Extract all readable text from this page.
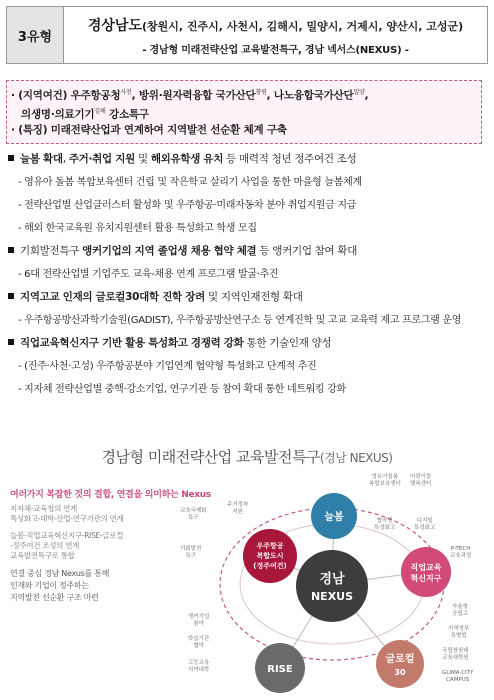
3유형
경상남도(창원시, 진주시, 사천시, 김해시, 밀양시, 거제시, 양산시, 고성군)
- 경남형 미래전략산업 교육발전특구, 경남 넥서스(NEXUS) -
· (지역여건) 우주항공청$^{사천}$, 방위·원자력융합 국가산단$^{창원}$, 나노융합국가산단$^{밀양}$,
의생명·의료기기$^{김해}$ 강소특구
· (특징) 미래전략산업과 연계하여 지역발전 선순환 체계 구축
늘봄 확대, 주거·취업 지원 및 해외유학생 유치 등 매력적 청년 정주여건 조성
- 영유아 돌봄 복합보육센터 건립 및 작은학교 살리기 사업을 통한 마을형 늘봄체계
- 전략산업별 산업클러스터 활성화 및 우주항공·미래자동차 분야 취업지원금 지급
- 해외 한국교육원 유치지원센터 활용 특성화고 학생 모집
기회발전특구 앵커기업의 지역 졸업생 채용 협약 체결 등 앵커기업 참여 확대
- 6대 전략산업별 기업주도 교육-채용 연계 프로그램 발굴·추진
지역고교 인재의 글로컬30대학 진학 장려 및 지역인재전형 확대
- 우주항공방산과학기술원(GADIST), 우주항공방산연구소 등 연계진학 및 고교 교육력 제고 프로그램 운영
직업교육혁신지구 기반 활용 특성화고 경쟁력 강화 통한 기술인재 양성
- (진주·사천·고성) 우주항공분야 기업연계 협약형 특성화고 단계적 추진
- 지자체 전략산업별 중핵·강소기업, 연구기관 등 참여 확대 통한 네트워킹 강화
경남형 미래전략산업 교육발전특구(경남 NEXUS)
여러가지 복잡한 것의 결합, 연결을 의미하는 Nexus

지자체-교육청의 연계
특성화고-대학-산업-연구기관의 연계

늘봄-직업교육혁신지구-RISE-글로컬
-정주여건 조성의 연계
교육발전특구로 통합

연결 중심 경남 Nexus를 통해
인재와 기업이 정주하는
지역발전 선순환 구조 마련

경남
NEXUS
늘봄
우주항공
복합도시
(정주여건)	직업교육
혁신지구
RISE
글로컬
30
영유아돌봄
복합보육센터
어린이들
행복센터
교육국제화
특구
주거정착
지원
협약형
특성화고
디지털
특성화고
기회발전
특구
P-TECH
교육과정
앵커기업
참여
학습기관
협약
자율형
공립고
고등교육
지역대학
지역정부
특별법
국립창원대
교육대학원
GLIMA·CITY
CAMPUS
